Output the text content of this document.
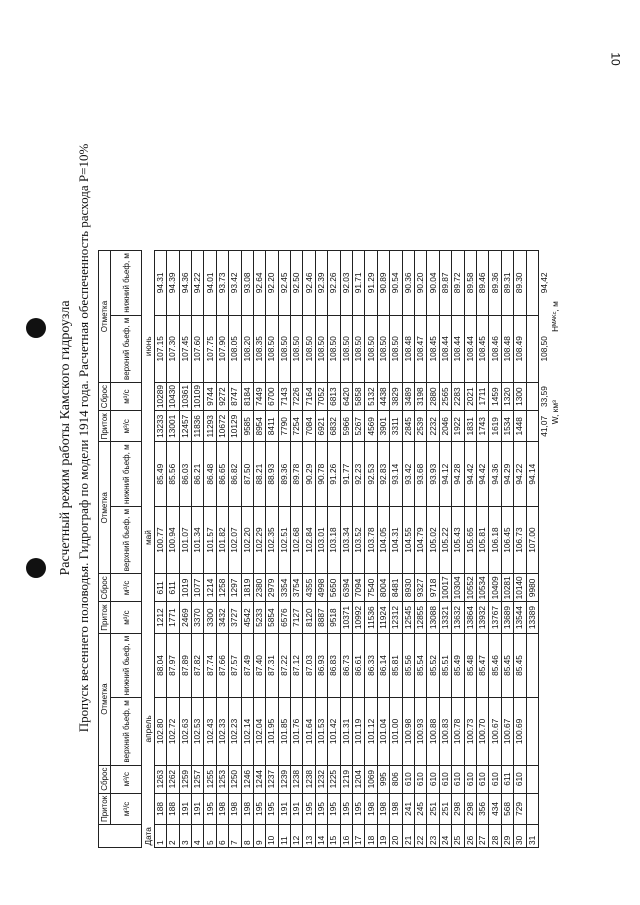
10
Расчетный режим работы Камского гидроузла Пропуск весеннего половодья. Гидрограф по модели 1914 года. Расчетная обеспеченность расхода Р=10%
	Приток	Сброс	Отметка		Приток	Сброс	Отметка		Приток	Сброс	Отметка	
	м³/с	м³/с	верхний бьеф, м	нижний бьеф, м	м³/с	м³/с	верхний бьеф, м	нижний бьеф, м	м³/с	м³/с	верхний бьеф, м	нижний бьеф, м
Дата	апрель				май				июнь			
1	188	1263	102.80	88.04	1212	611	100.77	85.49	13233	10289	107.15	94.31
2	188	1262	102.72	87.97	1771	611	100.94	85.56	13001	10430	107.30	94.39
3	191	1259	102.63	87.89	2469	1019	101.07	86.03	12457	10361	107.45	94.36
4	191	1257	102.53	87.82	3370	1077	101.34	86.21	11836	10109	107.60	94.22
5	195	1255	102.43	87.74	3300	1214	101.57	86.48	11293	9744	107.75	94.01
6	198	1253	102.33	87.66	3432	1258	101.82	86.65	10672	9272	107.90	93.73
7	198	1250	102.23	87.57	3727	1297	102.07	86.82	10129	8747	108.05	93.42
8	198	1246	102.14	87.49	4542	1819	102.20	87.50	9585	8184	108.20	93.08
9	195	1244	102.04	87.40	5233	2380	102.29	88.21	8954	7449	108.35	92.64
10	195	1237	101.95	87.31	5854	2979	102.35	88.93	8411	6700	108.50	92.20
11	191	1239	101.85	87.22	6576	3354	102.51	89.36	7790	7143	108.50	92.45
12	191	1238	101.76	87.12	7127	3754	102.68	89.78	7254	7226	108.50	92.50
13	195	1238	101.64	87.03	8120	4355	102.84	90.29	7084	7164	108.50	92.46
14	195	1232	101.53	86.93	8887	4998	103.01	90.78	6921	7052	108.50	92.39
15	195	1225	101.42	86.83	9518	5650	103.18	91.26	6832	6813	108.50	92.26
16	195	1219	101.31	86.73	10371	6394	103.34	91.77	5966	6420	108.50	92.03
17	195	1204	101.19	86.61	10992	7094	103.52	92.23	5267	5858	108.50	91.71
18	198	1069	101.12	86.33	11536	7540	103.78	92.53	4569	5132	108.50	91.29
19	198	995	101.04	86.14	11924	8004	104.05	92.83	3901	4438	108.50	90.89
20	198	806	101.00	85.81	12312	8481	104.31	93.14	3311	3829	108.50	90.54
21	241	610	100.98	85.56	12545	8930	104.55	93.42	2845	3489	108.48	90.36
22	245	610	100.93	85.54	12855	9327	104.79	93.68	2539	3198	108.47	90.20
23	251	610	100.88	85.52	13088	9718	105.02	93.93	2232	2880	108.45	90.04
24	251	610	100.83	85.51	13321	10017	105.22	94.12	2046	2565	108.44	89.87
25	298	610	100.78	85.49	13632	10304	105.43	94.28	1922	2283	108.44	89.72
26	298	610	100.73	85.48	13864	10552	105.65	94.42	1831	2021	108.44	89.58
27	356	610	100.70	85.47	13932	10534	105.81	94.42	1743	1711	108.45	89.46
28	434	610	100.67	85.46	13767	10409	106.18	94.36	1619	1459	108.46	89.36
29	568	611	100.67	85.45	13689	10281	106.45	94.29	1534	1320	108.48	89.31
30	729	610	100.69	85.45	13544	10140	106.73	94.22	1448	1300	108.49	89.30
31					13389	9980	107.00	94.14				
									41,07	33,59	108,50	94,42
									W, км³		Hᴹᴬᴷᶜ, м	
